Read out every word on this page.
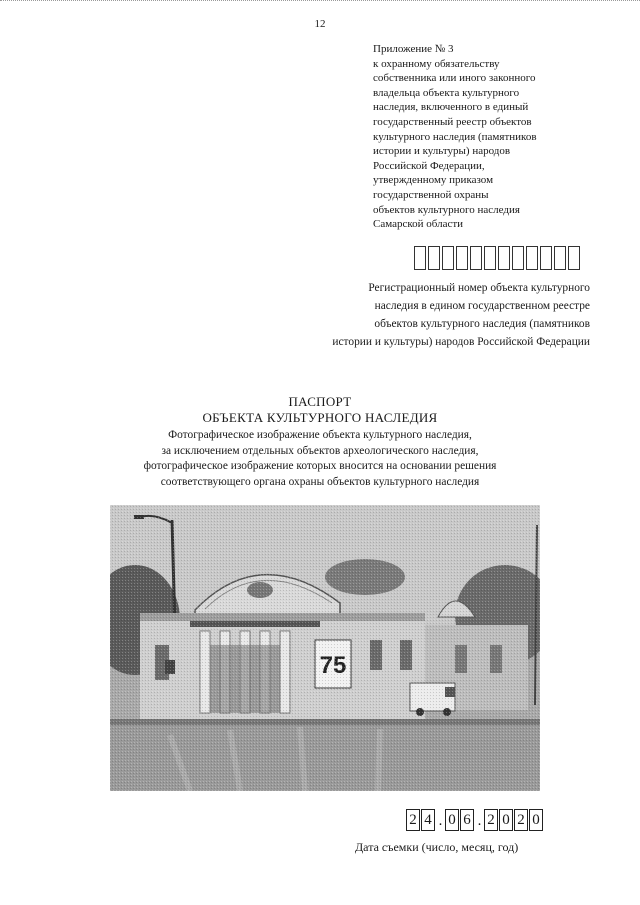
12
Приложение № 3
к охранному обязательству
собственника или иного законного
владельца объекта культурного
наследия, включенного в единый
государственный реестр объектов
культурного наследия (памятников
истории и культуры) народов
Российской Федерации,
утвержденному приказом
государственной охраны
объектов культурного наследия
Самарской области
Регистрационный номер объекта культурного
наследия в едином государственном реестре
объектов культурного наследия (памятников
истории и культуры) народов Российской Федерации
ПАСПОРТ
ОБЪЕКТА КУЛЬТУРНОГО НАСЛЕДИЯ
Фотографическое изображение объекта культурного наследия,
за исключением отдельных объектов археологического наследия,
фотографическое изображение которых вносится на основании решения
соответствующего органа охраны объектов культурного наследия
2 4 . 0 6 . 2 0 2 0
Дата съемки (число, месяц, год)
